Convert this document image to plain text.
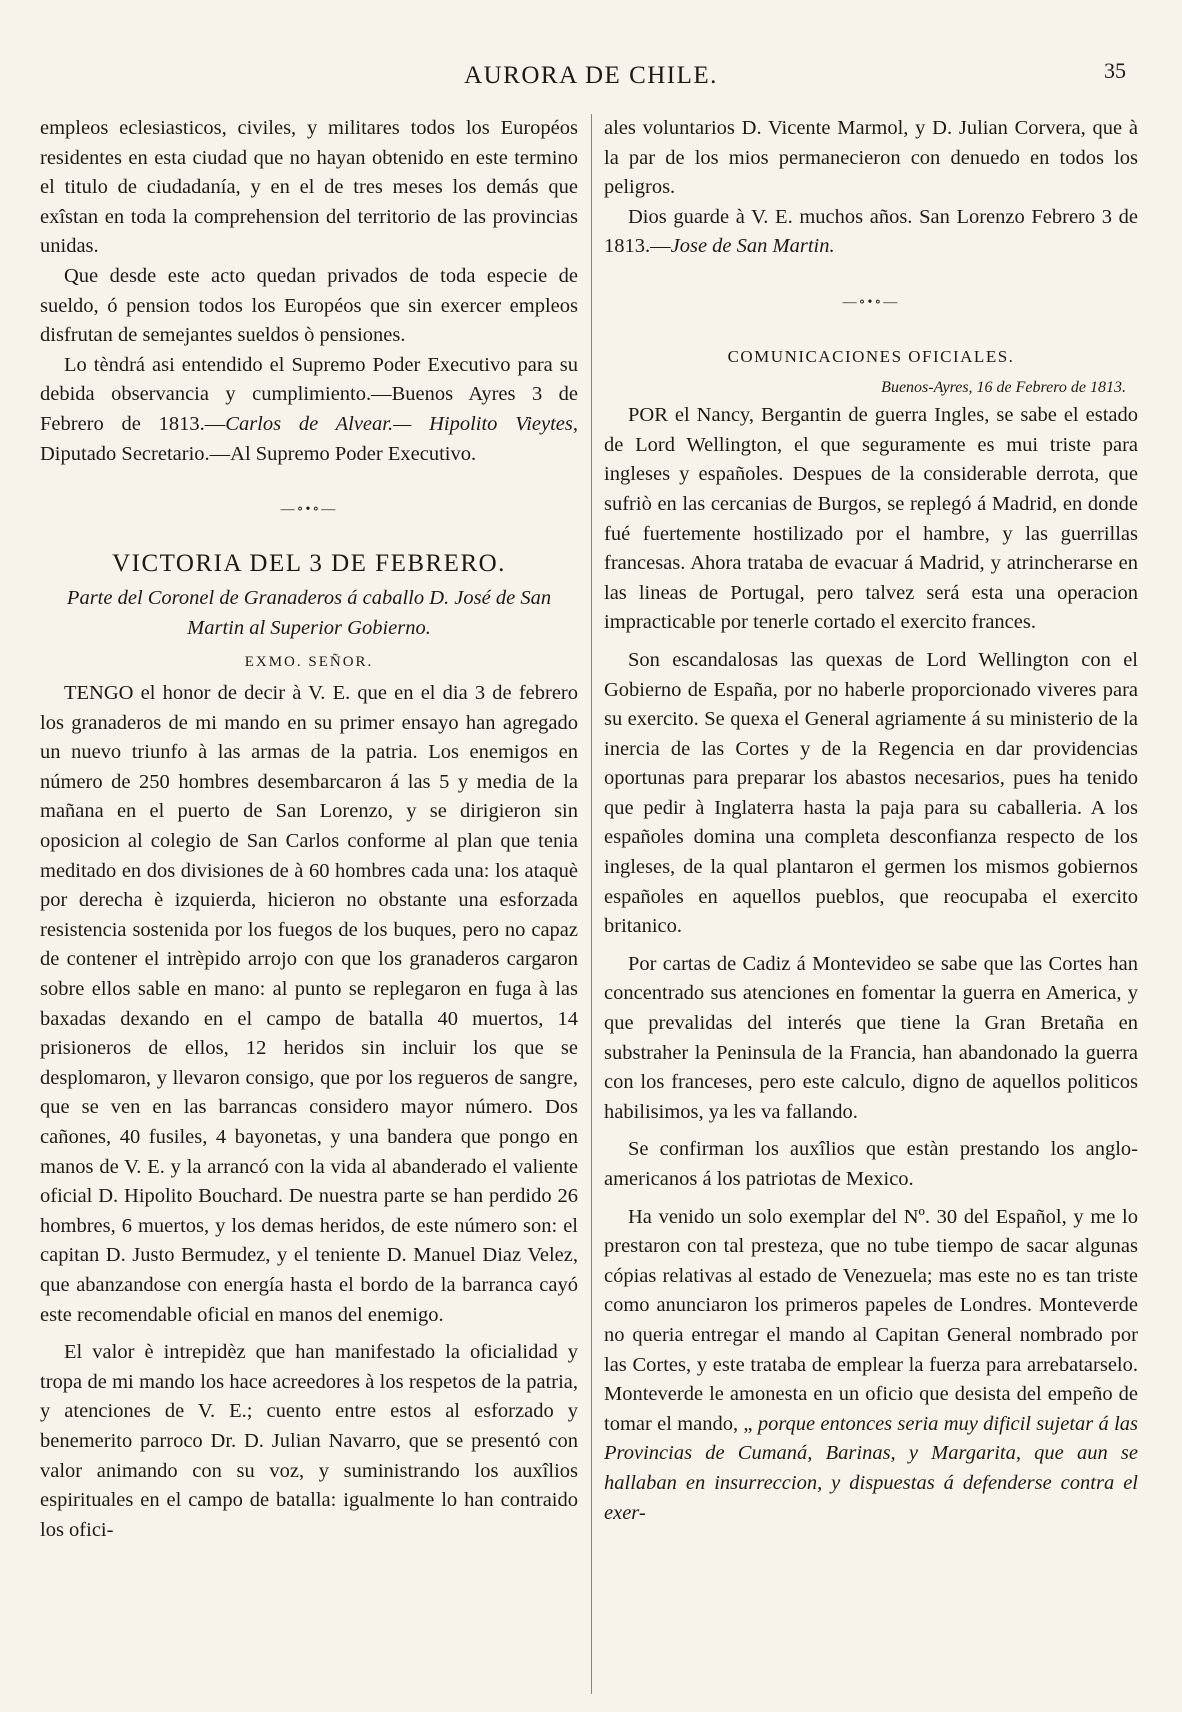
AURORA DE CHILE.	35

empleos eclesiasticos, civiles, y militares todos los Européos residentes en esta ciudad que no hayan obtenido en este termino el titulo de ciudadanía, y en el de tres meses los demás que exîstan en toda la comprehension del territorio de las provincias unidas.

Que desde este acto quedan privados de toda especie de sueldo, ó pension todos los Européos que sin exercer empleos disfrutan de semejantes sueldos ò pensiones.

Lo tèndrá asi entendido el Supremo Poder Executivo para su debida observancia y cumplimiento.—Buenos Ayres 3 de Febrero de 1813.—Carlos de Alvear.— Hipolito Vieytes, Diputado Secretario.—Al Supremo Poder Executivo.

—∘•∘—
VICTORIA DEL 3 DE FEBRERO.
Parte del Coronel de Granaderos á caballo D. José de San Martin al Superior Gobierno.
EXMO. SEÑOR.

TENGO el honor de decir à V. E. que en el dia 3 de febrero los granaderos de mi mando en su primer ensayo han agregado un nuevo triunfo à las armas de la patria. Los enemigos en número de 250 hombres desembarcaron á las 5 y media de la mañana en el puerto de San Lorenzo, y se dirigieron sin oposicion al colegio de San Carlos conforme al plan que tenia meditado en dos divisiones de à 60 hombres cada una: los ataquè por derecha è izquierda, hicieron no obstante una esforzada resistencia sostenida por los fuegos de los buques, pero no capaz de contener el intrèpido arrojo con que los granaderos cargaron sobre ellos sable en mano: al punto se replegaron en fuga à las baxadas dexando en el campo de batalla 40 muertos, 14 prisioneros de ellos, 12 heridos sin incluir los que se desplomaron, y llevaron consigo, que por los regueros de sangre, que se ven en las barrancas considero mayor número. Dos cañones, 40 fusiles, 4 bayonetas, y una bandera que pongo en manos de V. E. y la arrancó con la vida al abanderado el valiente oficial D. Hipolito Bouchard. De nuestra parte se han perdido 26 hombres, 6 muertos, y los demas heridos, de este número son: el capitan D. Justo Bermudez, y el teniente D. Manuel Diaz Velez, que abanzandose con energía hasta el bordo de la barranca cayó este recomendable oficial en manos del enemigo.

El valor è intrepidèz que han manifestado la oficialidad y tropa de mi mando los hace acreedores à los respetos de la patria, y atenciones de V. E.; cuento entre estos al esforzado y benemerito parroco Dr. D. Julian Navarro, que se presentó con valor animando con su voz, y suministrando los auxîlios espirituales en el campo de batalla: igualmente lo han contraido los ofici-

ales voluntarios D. Vicente Marmol, y D. Julian Corvera, que à la par de los mios permanecieron con denuedo en todos los peligros.

Dios guarde à V. E. muchos años. San Lorenzo Febrero 3 de 1813.—Jose de San Martin.

—∘•∘—
COMUNICACIONES OFICIALES.
Buenos-Ayres, 16 de Febrero de 1813.

POR el Nancy, Bergantin de guerra Ingles, se sabe el estado de Lord Wellington, el que seguramente es mui triste para ingleses y españoles. Despues de la considerable derrota, que sufriò en las cercanias de Burgos, se replegó á Madrid, en donde fué fuertemente hostilizado por el hambre, y las guerrillas francesas. Ahora trataba de evacuar á Madrid, y atrincherarse en las lineas de Portugal, pero talvez será esta una operacion impracticable por tenerle cortado el exercito frances.

Son escandalosas las quexas de Lord Wellington con el Gobierno de España, por no haberle proporcionado viveres para su exercito. Se quexa el General agriamente á su ministerio de la inercia de las Cortes y de la Regencia en dar providencias oportunas para preparar los abastos necesarios, pues ha tenido que pedir à Inglaterra hasta la paja para su caballeria. A los españoles domina una completa desconfianza respecto de los ingleses, de la qual plantaron el germen los mismos gobiernos españoles en aquellos pueblos, que reocupaba el exercito britanico.

Por cartas de Cadiz á Montevideo se sabe que las Cortes han concentrado sus atenciones en fomentar la guerra en America, y que prevalidas del interés que tiene la Gran Bretaña en substraher la Peninsula de la Francia, han abandonado la guerra con los franceses, pero este calculo, digno de aquellos politicos habilisimos, ya les va fallando.

Se confirman los auxîlios que estàn prestando los anglo-americanos á los patriotas de Mexico.

Ha venido un solo exemplar del Nº. 30 del Español, y me lo prestaron con tal presteza, que no tube tiempo de sacar algunas cópias relativas al estado de Venezuela; mas este no es tan triste como anunciaron los primeros papeles de Londres. Monteverde no queria entregar el mando al Capitan General nombrado por las Cortes, y este trataba de emplear la fuerza para arrebatarselo. Monteverde le amonesta en un oficio que desista del empeño de tomar el mando, „ porque entonces seria muy dificil sujetar á las Provincias de Cumaná, Barinas, y Margarita, que aun se hallaban en insurreccion, y dispuestas á defenderse contra el exer-
